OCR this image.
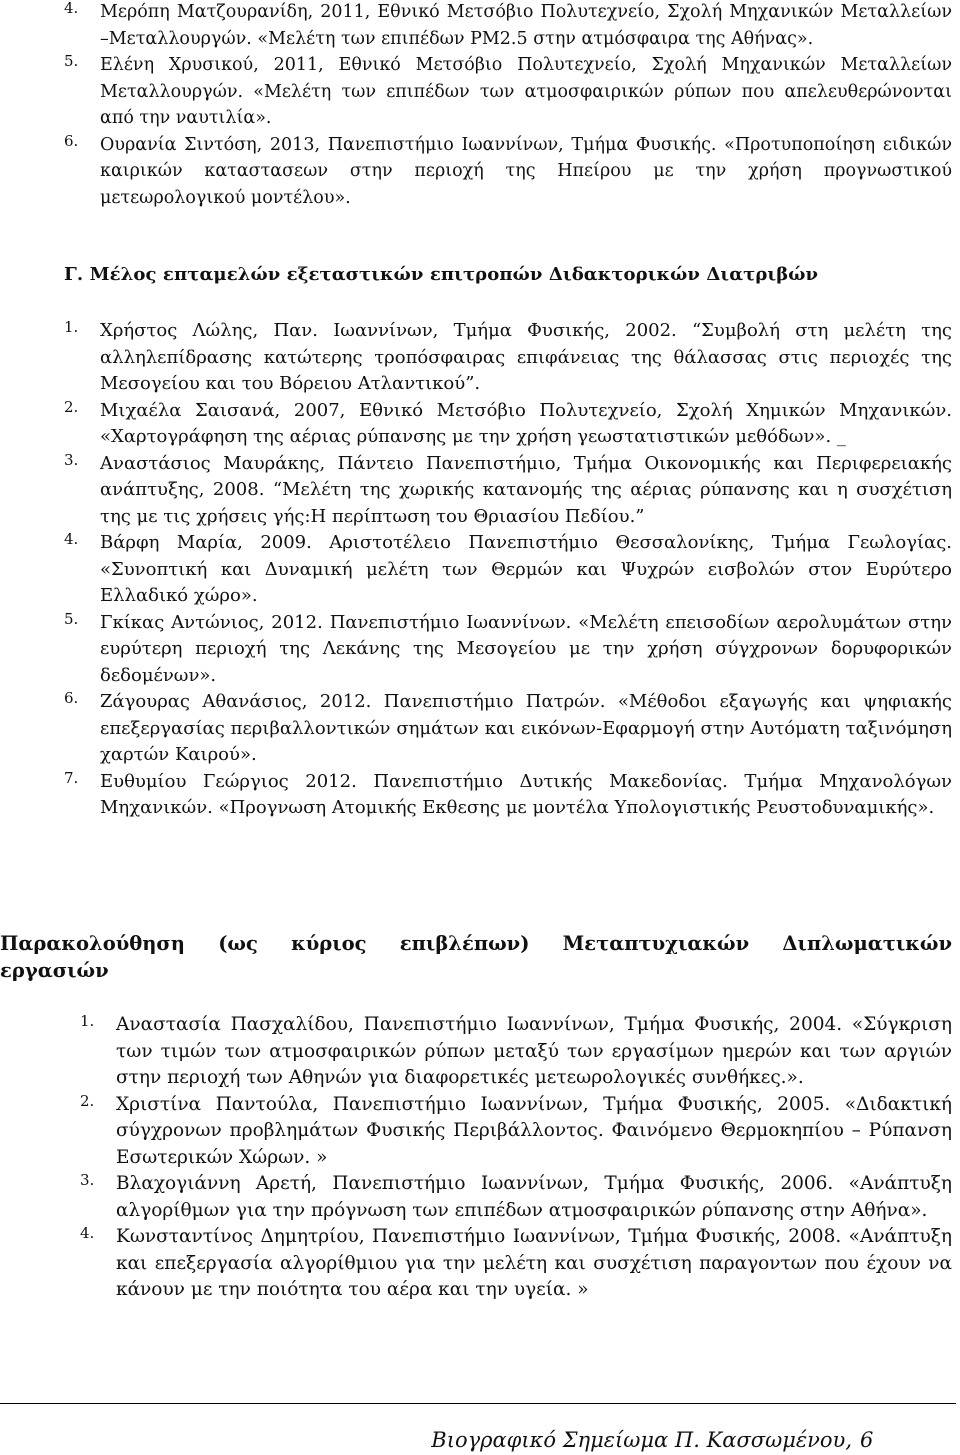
4. Μερόπη Ματζουρανίδη, 2011, Εθνικό Μετσόβιο Πολυτεχνείο, Σχολή Μηχανικών Μεταλλείων –Μεταλλουργών. «Μελέτη των επιπέδων PM2.5 στην ατμόσφαιρα της Αθήνας».
5. Ελένη Χρυσικού, 2011, Εθνικό Μετσόβιο Πολυτεχνείο, Σχολή Μηχανικών Μεταλλείων Μεταλλουργών. «Μελέτη των επιπέδων των ατμοσφαιρικών ρύπων που απελευθερώνονται από την ναυτιλία».
6. Ουρανία Σιντόση, 2013, Πανεπιστήμιο Ιωαννίνων, Τμήμα Φυσικής. «Προτυποποίηση ειδικών καιρικών καταστασεων στην περιοχή της Ηπείρου με την χρήση προγνωστικού μετεωρολογικού μοντέλου».
Γ. Μέλος επταμελών εξεταστικών επιτροπών Διδακτορικών Διατριβών
1. Χρήστος Λώλης, Παν. Ιωαννίνων, Τμήμα Φυσικής, 2002. “Συμβολή στη μελέτη της αλληλεπίδρασης κατώτερης τροπόσφαιρας επιφάνειας της θάλασσας στις περιοχές της Μεσογείου και του Βόρειου Ατλαντικού”.
2. Μιχαέλα Σαισανά, 2007, Εθνικό Μετσόβιο Πολυτεχνείο, Σχολή Χημικών Μηχανικών. «Χαρτογράφηση της αέριας ρύπανσης με την χρήση γεωστατιστικών μεθόδων». _
3. Αναστάσιος Μαυράκης, Πάντειο Πανεπιστήμιο, Τμήμα Οικονομικής και Περιφερειακής ανάπτυξης, 2008. “Μελέτη της χωρικής κατανομής της αέριας ρύπανσης και η συσχέτιση της με τις χρήσεις γής:Η περίπτωση του Θριασίου Πεδίου.”
4. Βάρφη Μαρία, 2009. Αριστοτέλειο Πανεπιστήμιο Θεσσαλονίκης, Τμήμα Γεωλογίας. «Συνοπτική και Δυναμική μελέτη των Θερμών και Ψυχρών εισβολών στον Ευρύτερο Ελλαδικό χώρο».
5. Γκίκας Αντώνιος, 2012. Πανεπιστήμιο Ιωαννίνων. «Μελέτη επεισοδίων αερολυμάτων στην ευρύτερη περιοχή της Λεκάνης της Μεσογείου με την χρήση σύγχρονων δορυφορικών δεδομένων».
6. Ζάγουρας Αθανάσιος, 2012. Πανεπιστήμιο Πατρών. «Μέθοδοι εξαγωγής και ψηφιακής επεξεργασίας περιβαλλοντικών σημάτων και εικόνων-Εφαρμογή στην Αυτόματη ταξινόμηση χαρτών Καιρού».
7. Ευθυμίου Γεώργιος 2012. Πανεπιστήμιο Δυτικής Μακεδονίας. Τμήμα Μηχανολόγων Μηχανικών. «Προγνωση Ατομικής Εκθεσης με μοντέλα Υπολογιστικής Ρευστοδυναμικής».
Παρακολούθηση (ως κύριος επιβλέπων) Μεταπτυχιακών Διπλωματικών
εργασιών
1. Αναστασία Πασχαλίδου, Πανεπιστήμιο Ιωαννίνων, Τμήμα Φυσικής, 2004. «Σύγκριση των τιμών των ατμοσφαιρικών ρύπων μεταξύ των εργασίμων ημερών και των αργιών στην περιοχή των Αθηνών για διαφορετικές μετεωρολογικές συνθήκες.».
2. Χριστίνα Παντούλα, Πανεπιστήμιο Ιωαννίνων, Τμήμα Φυσικής, 2005. «Διδακτική σύγχρονων προβλημάτων Φυσικής Περιβάλλοντος. Φαινόμενο Θερμοκηπίου – Ρύπανση Εσωτερικών Χώρων. »
3. Βλαχογιάννη Αρετή, Πανεπιστήμιο Ιωαννίνων, Τμήμα Φυσικής, 2006. «Ανάπτυξη αλγορίθμων για την πρόγνωση των επιπέδων ατμοσφαιρικών ρύπανσης στην Αθήνα».
4. Κωνσταντίνος Δημητρίου, Πανεπιστήμιο Ιωαννίνων, Τμήμα Φυσικής, 2008. «Ανάπτυξη και επεξεργασία αλγορίθμιου για την μελέτη και συσχέτιση παραγοντων που έχουν να κάνουν με την ποιότητα του αέρα και την υγεία. »
Βιογραφικό Σημείωμα Π. Κασσωμένου, 6
